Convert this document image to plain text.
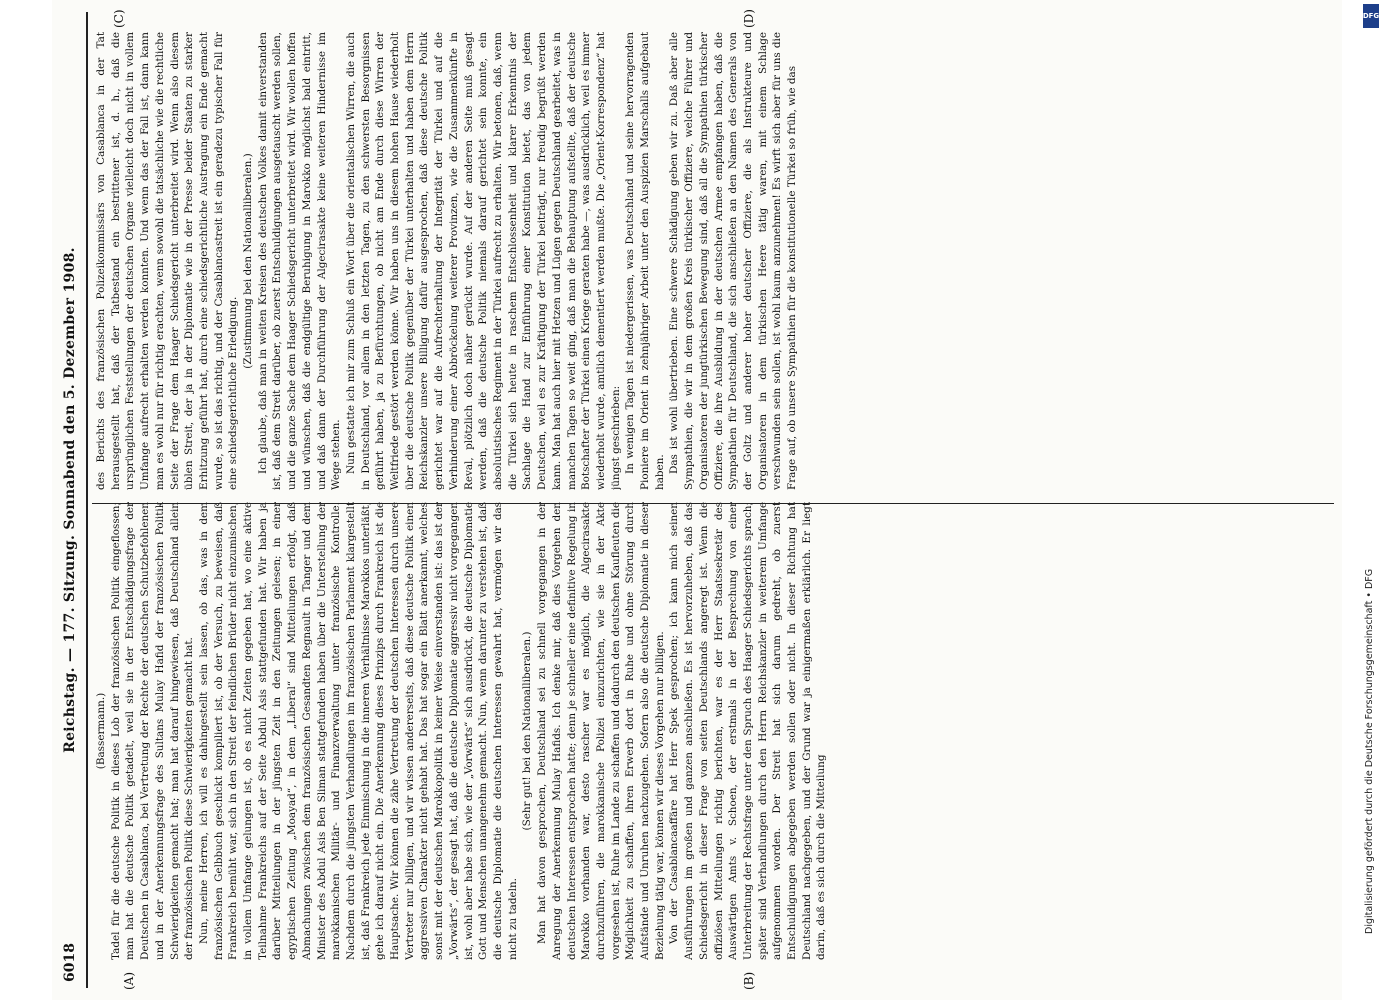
6018
Reichstag. — 177. Sitzung. Sonnabend den 5. Dezember 1908.
(A)	(B)
(C)	(D)

(Bassermann.) Tadel für die deutsche Politik in dieses Lob der französischen Politik eingeflossen; man hat die deutsche Politik getadelt, weil sie in der Entschädigungsfrage der Deutschen in Casablanca, bei Vertretung der Rechte der deutschen Schutzbefohlenen und in der Anerkennungsfrage des Sultans Mulay Hafid der französischen Politik Schwierigkeiten gemacht hat; man hat darauf hingewiesen, daß Deutschland allein der französischen Politik diese Schwierigkeiten gemacht hat. Nun, meine Herren, ich will es dahingestellt sein lassen, ob das, was in dem französischen Gelbbuch geschickt kompiliert ist, ob der Versuch, zu beweisen, daß Frankreich bemüht war, sich in den Streit der feindlichen Brüder nicht einzumischen, in vollem Umfange gelungen ist, ob es nicht Zeiten gegeben hat, wo eine aktive Teilnahme Frankreichs auf der Seite Abdul Asis stattgefunden hat. Wir haben ja darüber Mitteilungen in der jüngsten Zeit in den Zeitungen gelesen; in einer egyptischen Zeitung „Moayad“, in dem „Liberal“ sind Mitteilungen erfolgt, daß Abmachungen zwischen dem französischen Gesandten Regnault in Tanger und dem Minister des Abdul Asis Ben Sliman stattgefunden haben über die Unterstellung der marokkanischen Militär- und Finanzverwaltung unter französische Kontrolle. Nachdem durch die jüngsten Verhandlungen im französischen Parlament klargestellt ist, daß Frankreich jede Einmischung in die inneren Verhältnisse Marokkos unterläßt, gehe ich darauf nicht ein. Die Anerkennung dieses Prinzips durch Frankreich ist die Hauptsache. Wir können die zähe Vertretung der deutschen Interessen durch unsere Vertreter nur billigen, und wir wissen andererseits, daß diese deutsche Politik einen aggressiven Charakter nicht gehabt hat. Das hat sogar ein Blatt anerkannt, welches sonst mit der deutschen Marokkopolitik in keiner Weise einverstanden ist: das ist der „Vorwärts“, der gesagt hat, daß die deutsche Diplomatie aggressiv nicht vorgegangen ist, wohl aber habe sich, wie der „Vorwärts“ sich ausdrückt, die deutsche Diplomatie Gott und Menschen unangenehm gemacht. Nun, wenn darunter zu verstehen ist, daß die deutsche Diplomatie die deutschen Interessen gewahrt hat, vermögen wir das nicht zu tadeln.

(Sehr gut! bei den Nationalliberalen.) Man hat davon gesprochen, Deutschland sei zu schnell vorgegangen in der Anregung der Anerkennung Mulay Hafids. Ich denke mir, daß dies Vorgehen den deutschen Interessen entsprochen hatte; denn je schneller eine definitive Regelung in Marokko vorhanden war, desto rascher war es möglich, die Algecirasakte durchzuführen, die marokkanische Polizei einzurichten, wie sie in der Akte vorgesehen ist, Ruhe im Lande zu schaffen und dadurch den deutschen Kaufleuten die Möglichkeit zu schaffen, ihren Erwerb dort in Ruhe und ohne Störung durch Aufstände und Unruhen nachzugehen. Sofern also die deutsche Diplomatie in dieser Beziehung tätig war, können wir dieses Vorgehen nur billigen. Von der Casablancaaffäre hat Herr Spek gesprochen; ich kann mich seinen Ausführungen im großen und ganzen anschließen. Es ist hervorzuheben, daß das Schiedsgericht in dieser Frage von seiten Deutschlands angeregt ist. Wenn die offiziösen Mitteilungen richtig berichten, war es der Herr Staatssekretär des Auswärtigen Amts v. Schoen, der erstmals in der Besprechung von einer Unterbreitung der Rechtsfrage unter den Spruch des Haager Schiedsgerichts sprach; später sind Verhandlungen durch den Herrn Reichskanzler in weiterem Umfange aufgenommen worden. Der Streit hat sich darum gedreht, ob zuerst Entschuldigungen abgegeben werden sollen oder nicht. In dieser Richtung hat Deutschland nachgegeben, und der Grund war ja einigermaßen erklärlich. Er liegt darin, daß es sich durch die Mitteilung

des Berichts des französischen Polizeikommissärs von Casablanca in der Tat herausgestellt hat, daß der Tatbestand ein bestrittener ist, d. h., daß die ursprünglichen Feststellungen der deutschen Organe vielleicht doch nicht in vollem Umfange aufrecht erhalten werden konnten. Und wenn das der Fall ist, dann kann man es wohl nur für richtig erachten, wenn sowohl die tatsächliche wie die rechtliche Seite der Frage dem Haager Schiedsgericht unterbreitet wird. Wenn also diesem üblen Streit, der ja in der Diplomatie wie in der Presse beider Staaten zu starker Erhitzung geführt hat, durch eine schiedsgerichtliche Austragung ein Ende gemacht wurde, so ist das richtig, und der Casablancastreit ist ein geradezu typischer Fall für eine schiedsgerichtliche Erledigung.

(Zustimmung bei den Nationalliberalen.) Ich glaube, daß man in weiten Kreisen des deutschen Volkes damit einverstanden ist, daß dem Streit darüber, ob zuerst Entschuldigungen ausgetauscht werden sollen, und die ganze Sache dem Haager Schiedsgericht unterbreitet wird. Wir wollen hoffen und wünschen, daß die endgültige Beruhigung in Marokko möglichst bald eintritt, und daß dann der Durchführung der Algecirasakte keine weiteren Hindernisse im Wege stehen. Nun gestatte ich mir zum Schluß ein Wort über die orientalischen Wirren, die auch in Deutschland, vor allem in den letzten Tagen, zu den schwersten Besorgnissen geführt haben, ja zu Befürchtungen, ob nicht am Ende durch diese Wirren der Weltfriede gestört werden könne. Wir haben uns in diesem hohen Hause wiederholt über die deutsche Politik gegenüber der Türkei unterhalten und haben dem Herrn Reichskanzler unsere Billigung dafür ausgesprochen, daß diese deutsche Politik gerichtet war auf die Aufrechterhaltung der Integrität der Türkei und auf die Verhinderung einer Abbröckelung weiterer Provinzen, wie die Zusammenkünfte in Reval, plötzlich doch näher gerückt wurde. Auf der anderen Seite muß gesagt werden, daß die deutsche Politik niemals darauf gerichtet sein konnte, ein absolutistisches Regiment in der Türkei aufrecht zu erhalten. Wir betonen, daß, wenn die Türkei sich heute in raschem Entschlossenheit und klarer Erkenntnis der Sachlage die Hand zur Einführung einer Konstitution bietet, das von jedem Deutschen, weil es zur Kräftigung der Türkei beiträgt, nur freudig begrüßt werden kann. Man hat auch hier mit Hetzen und Lügen gegen Deutschland gearbeitet, was in manchen Tagen so weit ging, daß man die Behauptung aufstellte, daß der deutsche Botschafter der Türkei einen Kriege geraten habe —, was ausdrücklich, weil es immer wiederholt wurde, amtlich dementiert werden mußte. Die „Orient-Korrespondenz“ hat jüngst geschrieben: In wenigen Tagen ist niedergerissen, was Deutschland und seine hervorragenden Pioniere im Orient in zehnjähriger Arbeit unter den Auspizien Marschalls aufgebaut haben. Das ist wohl übertrieben. Eine schwere Schädigung geben wir zu. Daß aber alle Sympathien, die wir in dem großen Kreis türkischer Offiziere, welche Führer und Organisatoren der jungtürkischen Bewegung sind, daß all die Sympathien türkischer Offiziere, die ihre Ausbildung in der deutschen Armee empfangen haben, daß die Sympathien für Deutschland, die sich anschließen an den Namen des Generals von der Goltz und anderer hoher deutscher Offiziere, die als Instrukteure und Organisatoren in dem türkischen Heere tätig waren, mit einem Schlage verschwunden sein sollen, ist wohl kaum anzunehmen! Es wirft sich aber für uns die Frage auf, ob unsere Sympathien für die konstitutionelle Türkei so früh, wie das

DFG
Digitalisierung gefördert durch die Deutsche Forschungsgemeinschaft • DFG
